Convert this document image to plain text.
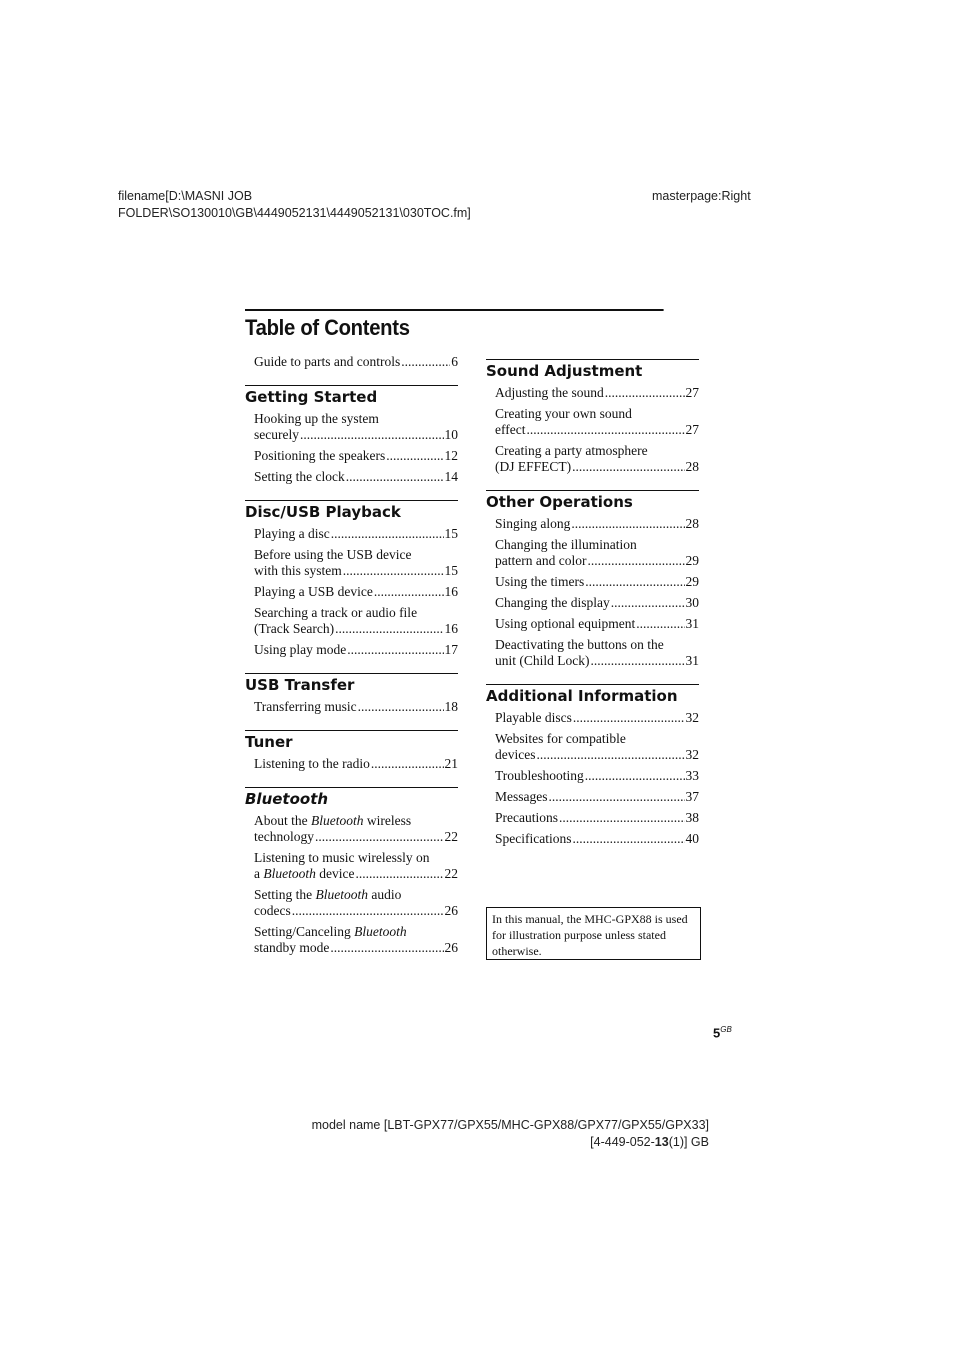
filename[D:\MASNI JOB
FOLDER\SO130010\GB\4449052131\4449052131\030TOC.fm]
masterpage:Right
Table of Contents
Guide to parts and controls .....	6
Getting Started
Hooking up the system
securely .....	10
Positioning the speakers .....	12
Setting the clock .....	14
Disc/USB Playback
Playing a disc .....	15
Before using the USB device
with this system .....	15
Playing a USB device .....	16
Searching a track or audio file
(Track Search) .....	16
Using play mode .....	17
USB Transfer
Transferring music .....	18
Tuner
Listening to the radio .....	21
Bluetooth
About the Bluetooth wireless
technology .....	22
Listening to music wirelessly on
a Bluetooth device .....	22
Setting the Bluetooth audio
codecs .....	26
Setting/Canceling Bluetooth
standby mode .....	26
Sound Adjustment
Adjusting the sound .....	27
Creating your own sound
effect .....	27
Creating a party atmosphere
(DJ EFFECT) .....	28
Other Operations
Singing along .....	28
Changing the illumination
pattern and color .....	29
Using the timers .....	29
Changing the display .....	30
Using optional equipment .....	31
Deactivating the buttons on the
unit (Child Lock) .....	31
Additional Information
Playable discs .....	32
Websites for compatible
devices .....	32
Troubleshooting .....	33
Messages .....	37
Precautions .....	38
Specifications .....	40
In this manual, the MHC-GPX88 is used for illustration purpose unless stated otherwise.
$5^{GB}$
model name [LBT-GPX77/GPX55/MHC-GPX88/GPX77/GPX55/GPX33]
[4-449-052-13(1)] GB
